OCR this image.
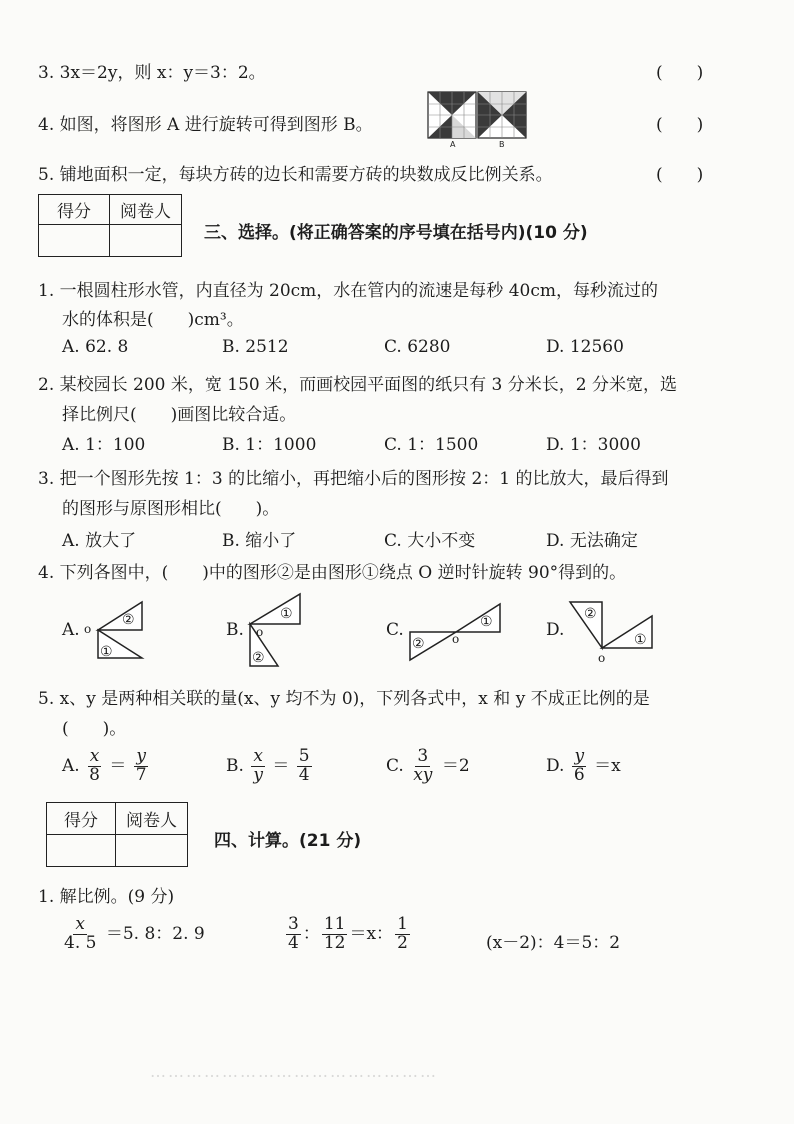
3. 3x＝2y，则 x：y＝3：2。	(　　)
4. 如图，将图形 A 进行旋转可得到图形 B。
A	B
(　　)
5. 铺地面积一定，每块方砖的边长和需要方砖的块数成反比例关系。	(　　)
得分	阅卷人

三、选择。(将正确答案的序号填在括号内)(10 分)
1. 一根圆柱形水管，内直径为 20cm，水在管内的流速是每秒 40cm，每秒流过的
水的体积是(　　)cm³。
A. 62. 8	B. 2512	C. 6280	D. 12560
2. 某校园长 200 米，宽 150 米，而画校园平面图的纸只有 3 分米长，2 分米宽，选
择比例尺(　　)画图比较合适。
A. 1：100	B. 1：1000	C. 1：1500	D. 1：3000
3. 把一个图形先按 1：3 的比缩小，再把缩小后的图形按 2：1 的比放大，最后得到
的图形与原图形相比(　　)。
A. 放大了	B. 缩小了	C. 大小不变	D. 无法确定
4. 下列各图中，(　　)中的图形②是由图形①绕点 O 逆时针旋转 90°得到的。
A. o
②
①
B. o
①
②
C.	o
①
②
D.
o
②
①
5. x、y 是两种相关联的量(x、y 均不为 0)，下列各式中，x 和 y 不成正比例的是
(　　)。
A. $\frac{x}{8} = \frac{y}{7}$	B. $\frac{x}{y} = \frac{5}{4}$	C. $\frac{3}{xy} =2$	D. $\frac{y}{6} =x$
得分	阅卷人

四、计算。(21 分)
1. 解比例。(9 分)
$\frac{x}{4. 5} =5$. 8：2. 9	$\frac{3}{4}$ ： $\frac{11}{12} =x$： $\frac{1}{2}$	(x－2)：4＝5：2
…………………………………………
